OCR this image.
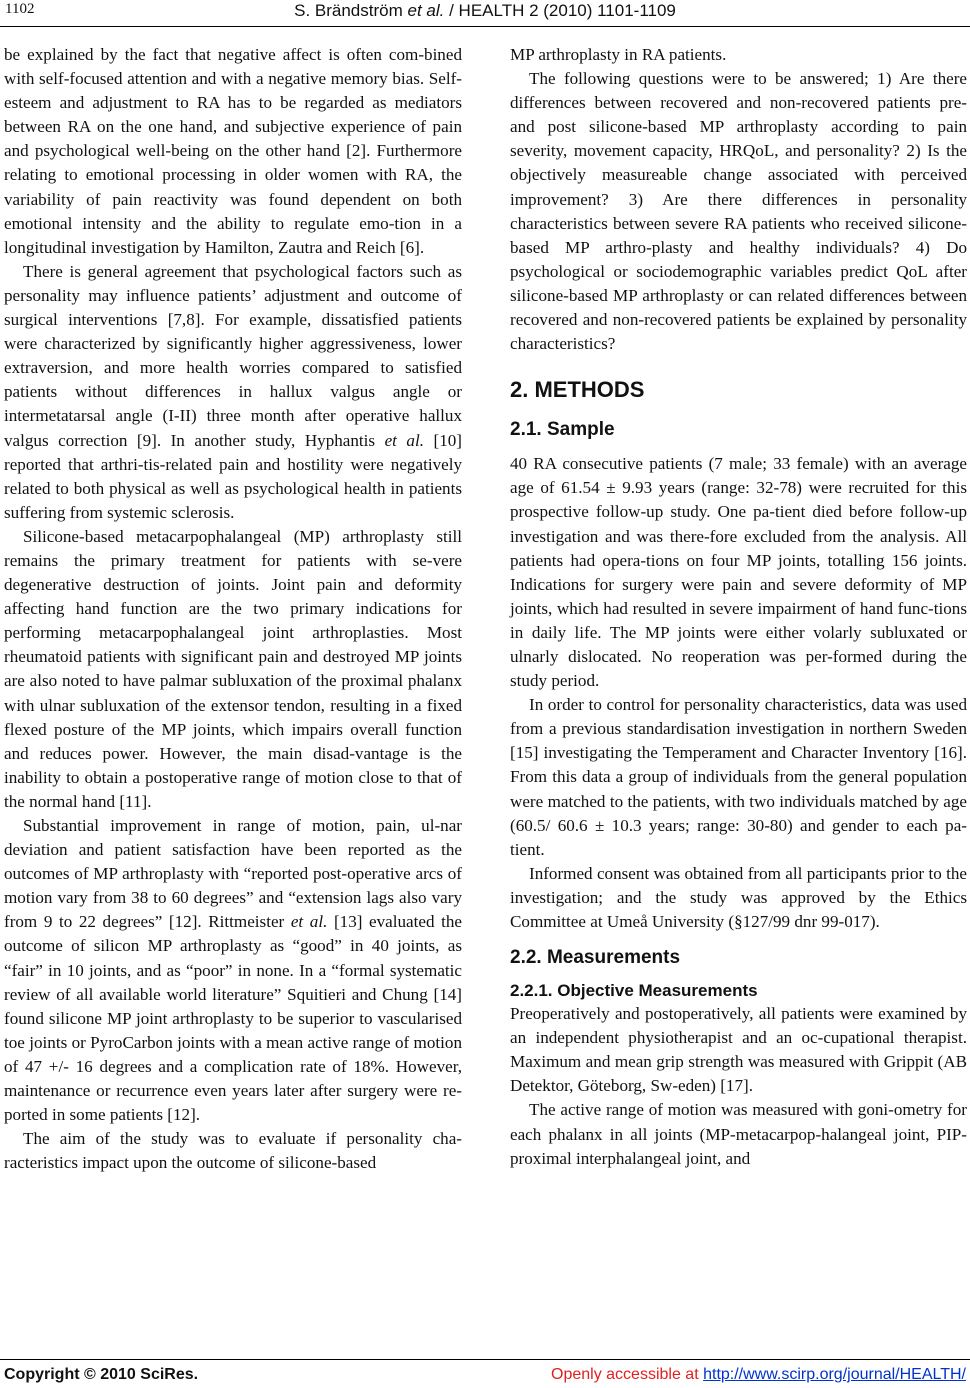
1102	S. Brändström et al. / HEALTH 2 (2010) 1101-1109

be explained by the fact that negative affect is often com-bined with self-focused attention and with a negative memory bias. Self-esteem and adjustment to RA has to be regarded as mediators between RA on the one hand, and subjective experience of pain and psychological well-being on the other hand [2]. Furthermore relating to emotional processing in older women with RA, the variability of pain reactivity was found dependent on both emotional intensity and the ability to regulate emo-tion in a longitudinal investigation by Hamilton, Zautra and Reich [6].

There is general agreement that psychological factors such as personality may influence patients’ adjustment and outcome of surgical interventions [7,8]. For example, dissatisfied patients were characterized by significantly higher aggressiveness, lower extraversion, and more health worries compared to satisfied patients without differences in hallux valgus angle or intermetatarsal angle (I-II) three month after operative hallux valgus correction [9]. In another study, Hyphantis et al. [10] reported that arthri-tis-related pain and hostility were negatively related to both physical as well as psychological health in patients suffering from systemic sclerosis.

Silicone-based metacarpophalangeal (MP) arthroplasty still remains the primary treatment for patients with se-vere degenerative destruction of joints. Joint pain and deformity affecting hand function are the two primary indications for performing metacarpophalangeal joint arthroplasties. Most rheumatoid patients with significant pain and destroyed MP joints are also noted to have palmar subluxation of the proximal phalanx with ulnar subluxation of the extensor tendon, resulting in a fixed flexed posture of the MP joints, which impairs overall function and reduces power. However, the main disad-vantage is the inability to obtain a postoperative range of motion close to that of the normal hand [11].

Substantial improvement in range of motion, pain, ul-nar deviation and patient satisfaction have been reported as the outcomes of MP arthroplasty with “reported post-operative arcs of motion vary from 38 to 60 degrees” and “extension lags also vary from 9 to 22 degrees” [12]. Rittmeister et al. [13] evaluated the outcome of silicon MP arthroplasty as “good” in 40 joints, as “fair” in 10 joints, and as “poor” in none. In a “formal systematic review of all available world literature” Squitieri and Chung [14] found silicone MP joint arthroplasty to be superior to vascularised toe joints or PyroCarbon joints with a mean active range of motion of 47 +/- 16 degrees and a complication rate of 18%. However, maintenance or recurrence even years later after surgery were re-ported in some patients [12].

The aim of the study was to evaluate if personality cha-racteristics impact upon the outcome of silicone-based

MP arthroplasty in RA patients.

The following questions were to be answered; 1) Are there differences between recovered and non-recovered patients pre- and post silicone-based MP arthroplasty according to pain severity, movement capacity, HRQoL, and personality? 2) Is the objectively measureable change associated with perceived improvement? 3) Are there differences in personality characteristics between severe RA patients who received silicone-based MP arthro-plasty and healthy individuals? 4) Do psychological or sociodemographic variables predict QoL after silicone-based MP arthroplasty or can related differences between recovered and non-recovered patients be explained by personality characteristics?

2. METHODS
2.1. Sample

40 RA consecutive patients (7 male; 33 female) with an average age of 61.54 ± 9.93 years (range: 32-78) were recruited for this prospective follow-up study. One pa-tient died before follow-up investigation and was there-fore excluded from the analysis. All patients had opera-tions on four MP joints, totalling 156 joints. Indications for surgery were pain and severe deformity of MP joints, which had resulted in severe impairment of hand func-tions in daily life. The MP joints were either volarly subluxated or ulnarly dislocated. No reoperation was per-formed during the study period.

In order to control for personality characteristics, data was used from a previous standardisation investigation in northern Sweden [15] investigating the Temperament and Character Inventory [16]. From this data a group of individuals from the general population were matched to the patients, with two individuals matched by age (60.5/ 60.6 ± 10.3 years; range: 30-80) and gender to each pa-tient.

Informed consent was obtained from all participants prior to the investigation; and the study was approved by the Ethics Committee at Umeå University (§127/99 dnr 99-017).

2.2. Measurements
2.2.1. Objective Measurements

Preoperatively and postoperatively, all patients were examined by an independent physiotherapist and an oc-cupational therapist. Maximum and mean grip strength was measured with Grippit (AB Detektor, Göteborg, Sw-eden) [17].

The active range of motion was measured with goni-ometry for each phalanx in all joints (MP-metacarpop-halangeal joint, PIP-proximal interphalangeal joint, and

Copyright © 2010 SciRes.	Openly accessible at http://www.scirp.org/journal/HEALTH/
